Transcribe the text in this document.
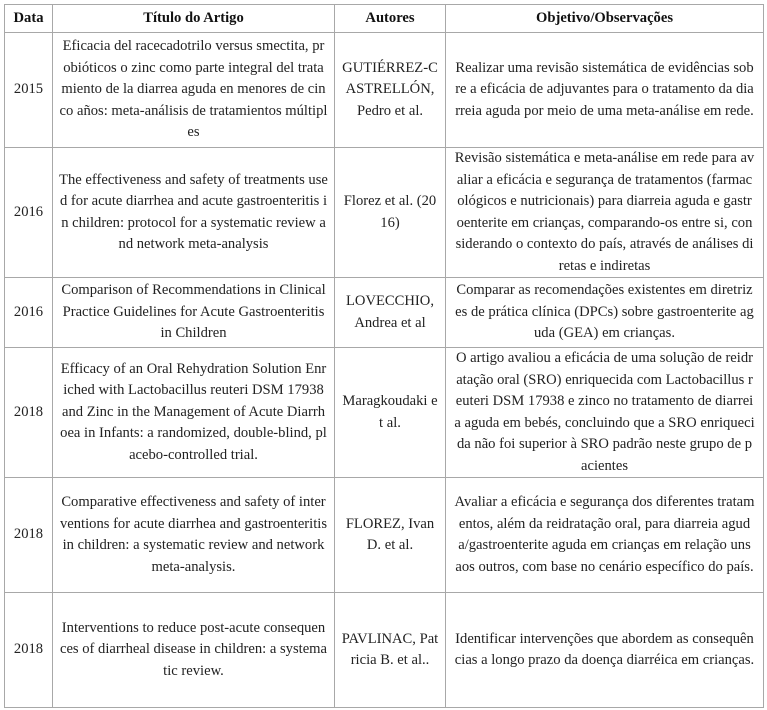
Data	Título do Artigo	Autores	Objetivo/Observações
2015	Eficacia del racecadotrilo versus smectita, probióticos o zinc como parte integral del tratamiento de la diarrea aguda en menores de cinco años: meta-análisis de tratamientos múltiples	GUTIÉRREZ-CASTRELLÓN, Pedro et al.	Realizar uma revisão sistemática de evidências sobre a eficácia de adjuvantes para o tratamento da diarreia aguda por meio de uma meta-análise em rede.
2016	The effectiveness and safety of treatments used for acute diarrhea and acute gastroenteritis in children: protocol for a systematic review and network meta-analysis	Florez et al. (2016)	Revisão sistemática e meta-análise em rede para avaliar a eficácia e segurança de tratamentos (farmacológicos e nutricionais) para diarreia aguda e gastroenterite em crianças, comparando-os entre si, considerando o contexto do país, através de análises diretas e indiretas
2016	Comparison of Recommendations in Clinical Practice Guidelines for Acute Gastroenteritis in Children	LOVECCHIO, Andrea et al	Comparar as recomendações existentes em diretrizes de prática clínica (DPCs) sobre gastroenterite aguda (GEA) em crianças.
2018	Efficacy of an Oral Rehydration Solution Enriched with Lactobacillus reuteri DSM 17938 and Zinc in the Management of Acute Diarrhoea in Infants: a randomized, double-blind, placebo-controlled trial.	Maragkoudaki et al.	O artigo avaliou a eficácia de uma solução de reidratação oral (SRO) enriquecida com Lactobacillus reuteri DSM 17938 e zinco no tratamento de diarreia aguda em bebés, concluindo que a SRO enriquecida não foi superior à SRO padrão neste grupo de pacientes
2018	Comparative effectiveness and safety of interventions for acute diarrhea and gastroenteritis in children: a systematic review and network meta-analysis.	FLOREZ, Ivan D. et al.	Avaliar a eficácia e segurança dos diferentes tratamentos, além da reidratação oral, para diarreia aguda/gastroenterite aguda em crianças em relação uns aos outros, com base no cenário específico do país.
2018	Interventions to reduce post-acute consequences of diarrheal disease in children: a systematic review.	PAVLINAC, Patricia B. et al..	Identificar intervenções que abordem as consequências a longo prazo da doença diarréica em crianças.
